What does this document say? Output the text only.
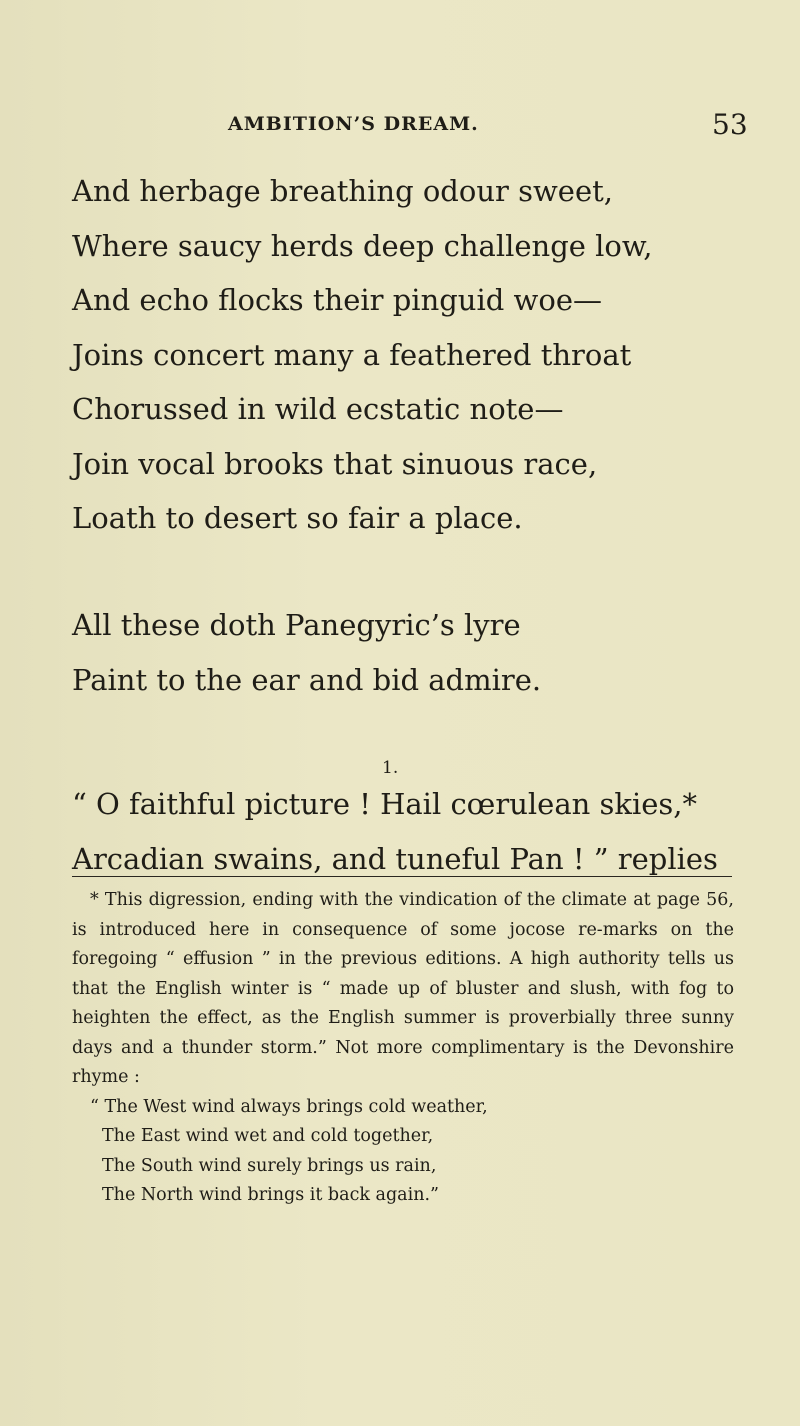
AMBITION’S DREAM.	53
And herbage breathing odour sweet,
Where saucy herds deep challenge low,
And echo flocks their pinguid woe—
Joins concert many a feathered throat
Chorussed in wild ecstatic note—
Join vocal brooks that sinuous race,
Loath to desert so fair a place.
All these doth Panegyric’s lyre
Paint to the ear and bid admire.
1.
“ O faithful picture ! Hail cœrulean skies,*
Arcadian swains, and tuneful Pan ! ” replies

* This digression, ending with the vindication of the climate at page 56, is introduced here in consequence of some jocose re-marks on the foregoing “ effusion ” in the previous editions. A high authority tells us that the English winter is “ made up of bluster and slush, with fog to heighten the effect, as the English summer is proverbially three sunny days and a thunder storm.” Not more complimentary is the Devonshire rhyme :

“ The West wind always brings cold weather,
The East wind wet and cold together,
The South wind surely brings us rain,
The North wind brings it back again.”
